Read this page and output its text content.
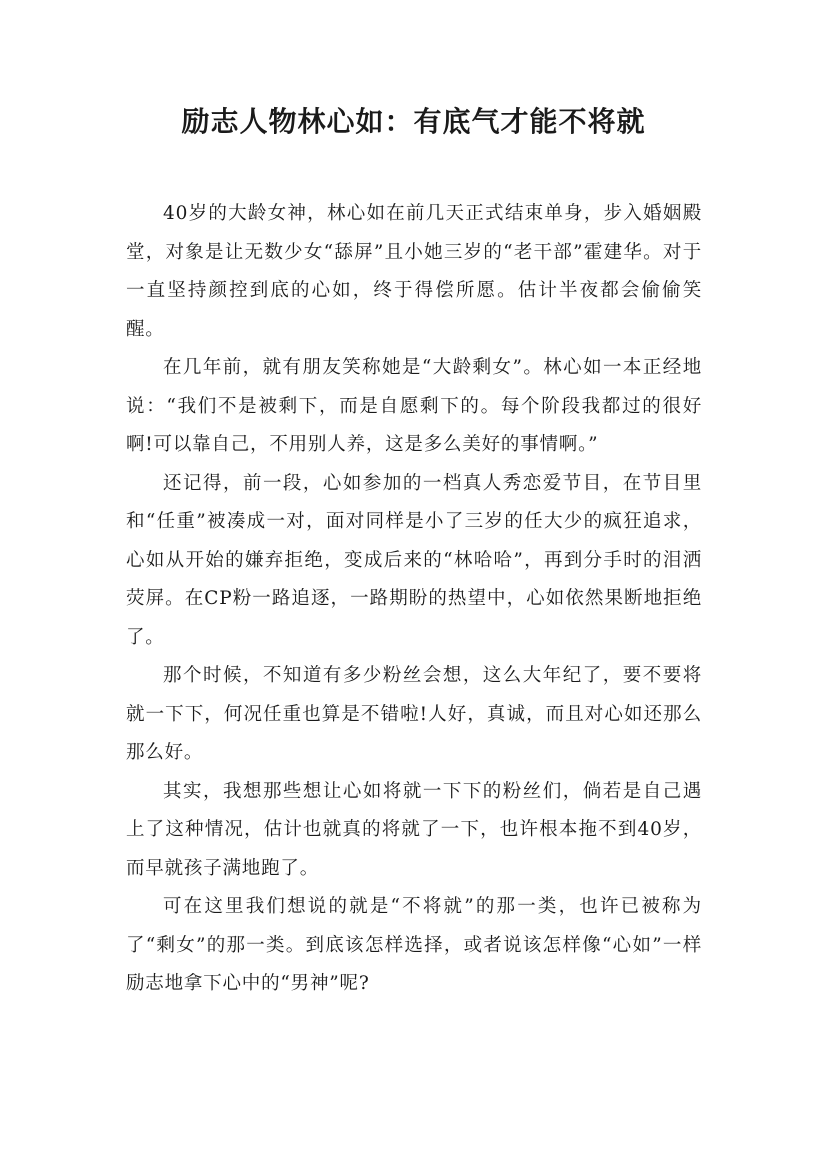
励志人物林心如：有底气才能不将就

40岁的大龄女神，林心如在前几天正式结束单身，步入婚姻殿堂，对象是让无数少女“舔屏”且小她三岁的“老干部”霍建华。对于一直坚持颜控到底的心如，终于得偿所愿。估计半夜都会偷偷笑醒。

在几年前，就有朋友笑称她是“大龄剩女”。林心如一本正经地说：“我们不是被剩下，而是自愿剩下的。每个阶段我都过的很好啊!可以靠自己，不用别人养，这是多么美好的事情啊。”

还记得，前一段，心如参加的一档真人秀恋爱节目，在节目里和“任重”被凑成一对，面对同样是小了三岁的任大少的疯狂追求，心如从开始的嫌弃拒绝，变成后来的“林哈哈”，再到分手时的泪洒荧屏。在CP粉一路追逐，一路期盼的热望中，心如依然果断地拒绝了。

那个时候，不知道有多少粉丝会想，这么大年纪了，要不要将就一下下，何况任重也算是不错啦!人好，真诚，而且对心如还那么那么好。

其实，我想那些想让心如将就一下下的粉丝们，倘若是自己遇上了这种情况，估计也就真的将就了一下，也许根本拖不到40岁，而早就孩子满地跑了。

可在这里我们想说的就是“不将就”的那一类，也许已被称为了“剩女”的那一类。到底该怎样选择，或者说该怎样像“心如”一样励志地拿下心中的“男神”呢?
